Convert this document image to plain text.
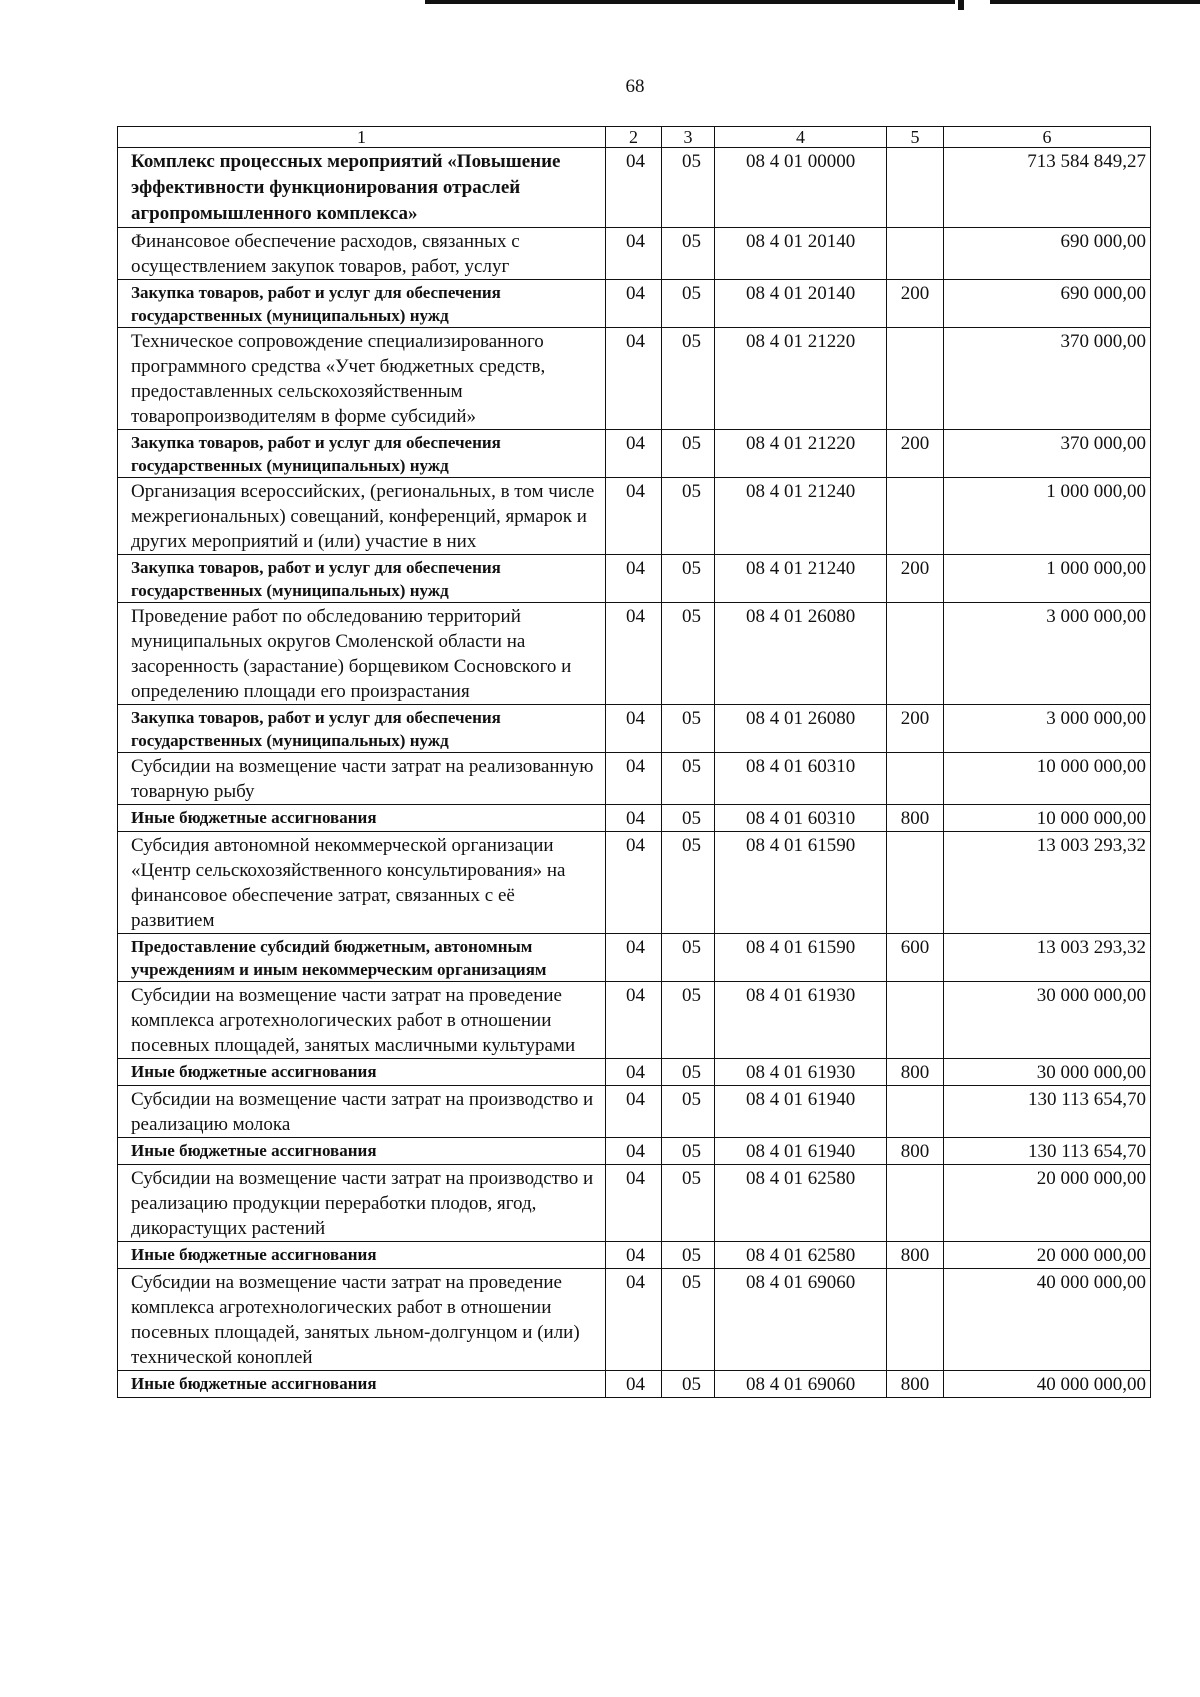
68
1	2	3	4	5	6
Комплекс процессных мероприятий «Повышение эффективности функционирования отраслей агропромышленного комплекса»	04	05	08 4 01 00000		713 584 849,27
Финансовое обеспечение расходов, связанных с осуществлением закупок товаров, работ, услуг	04	05	08 4 01 20140		690 000,00
Закупка товаров, работ и услуг для обеспечения государственных (муниципальных) нужд	04	05	08 4 01 20140	200	690 000,00
Техническое сопровождение специализированного программного средства «Учет бюджетных средств, предоставленных сельскохозяйственным товаропроизводителям в форме субсидий»	04	05	08 4 01 21220		370 000,00
Закупка товаров, работ и услуг для обеспечения государственных (муниципальных) нужд	04	05	08 4 01 21220	200	370 000,00
Организация всероссийских, (региональных, в том числе межрегиональных) совещаний, конференций, ярмарок и других мероприятий и (или) участие в них	04	05	08 4 01 21240		1 000 000,00
Закупка товаров, работ и услуг для обеспечения государственных (муниципальных) нужд	04	05	08 4 01 21240	200	1 000 000,00
Проведение работ по обследованию территорий муниципальных округов Смоленской области на засоренность (зарастание) борщевиком Сосновского и определению площади его произрастания	04	05	08 4 01 26080		3 000 000,00
Закупка товаров, работ и услуг для обеспечения государственных (муниципальных) нужд	04	05	08 4 01 26080	200	3 000 000,00
Субсидии на возмещение части затрат на реализованную товарную рыбу	04	05	08 4 01 60310		10 000 000,00
Иные бюджетные ассигнования	04	05	08 4 01 60310	800	10 000 000,00
Субсидия автономной некоммерческой организации «Центр сельскохозяйственного консультирования» на финансовое обеспечение затрат, связанных с её развитием	04	05	08 4 01 61590		13 003 293,32
Предоставление субсидий бюджетным, автономным учреждениям и иным некоммерческим организациям	04	05	08 4 01 61590	600	13 003 293,32
Субсидии на возмещение части затрат на проведение комплекса агротехнологических работ в отношении посевных площадей, занятых масличными культурами	04	05	08 4 01 61930		30 000 000,00
Иные бюджетные ассигнования	04	05	08 4 01 61930	800	30 000 000,00
Субсидии на возмещение части затрат на производство и реализацию молока	04	05	08 4 01 61940		130 113 654,70
Иные бюджетные ассигнования	04	05	08 4 01 61940	800	130 113 654,70
Субсидии на возмещение части затрат на производство и реализацию продукции переработки плодов, ягод, дикорастущих растений	04	05	08 4 01 62580		20 000 000,00
Иные бюджетные ассигнования	04	05	08 4 01 62580	800	20 000 000,00
Субсидии на возмещение части затрат на проведение комплекса агротехнологических работ в отношении посевных площадей, занятых льном-долгунцом и (или) технической коноплей	04	05	08 4 01 69060		40 000 000,00
Иные бюджетные ассигнования	04	05	08 4 01 69060	800	40 000 000,00
